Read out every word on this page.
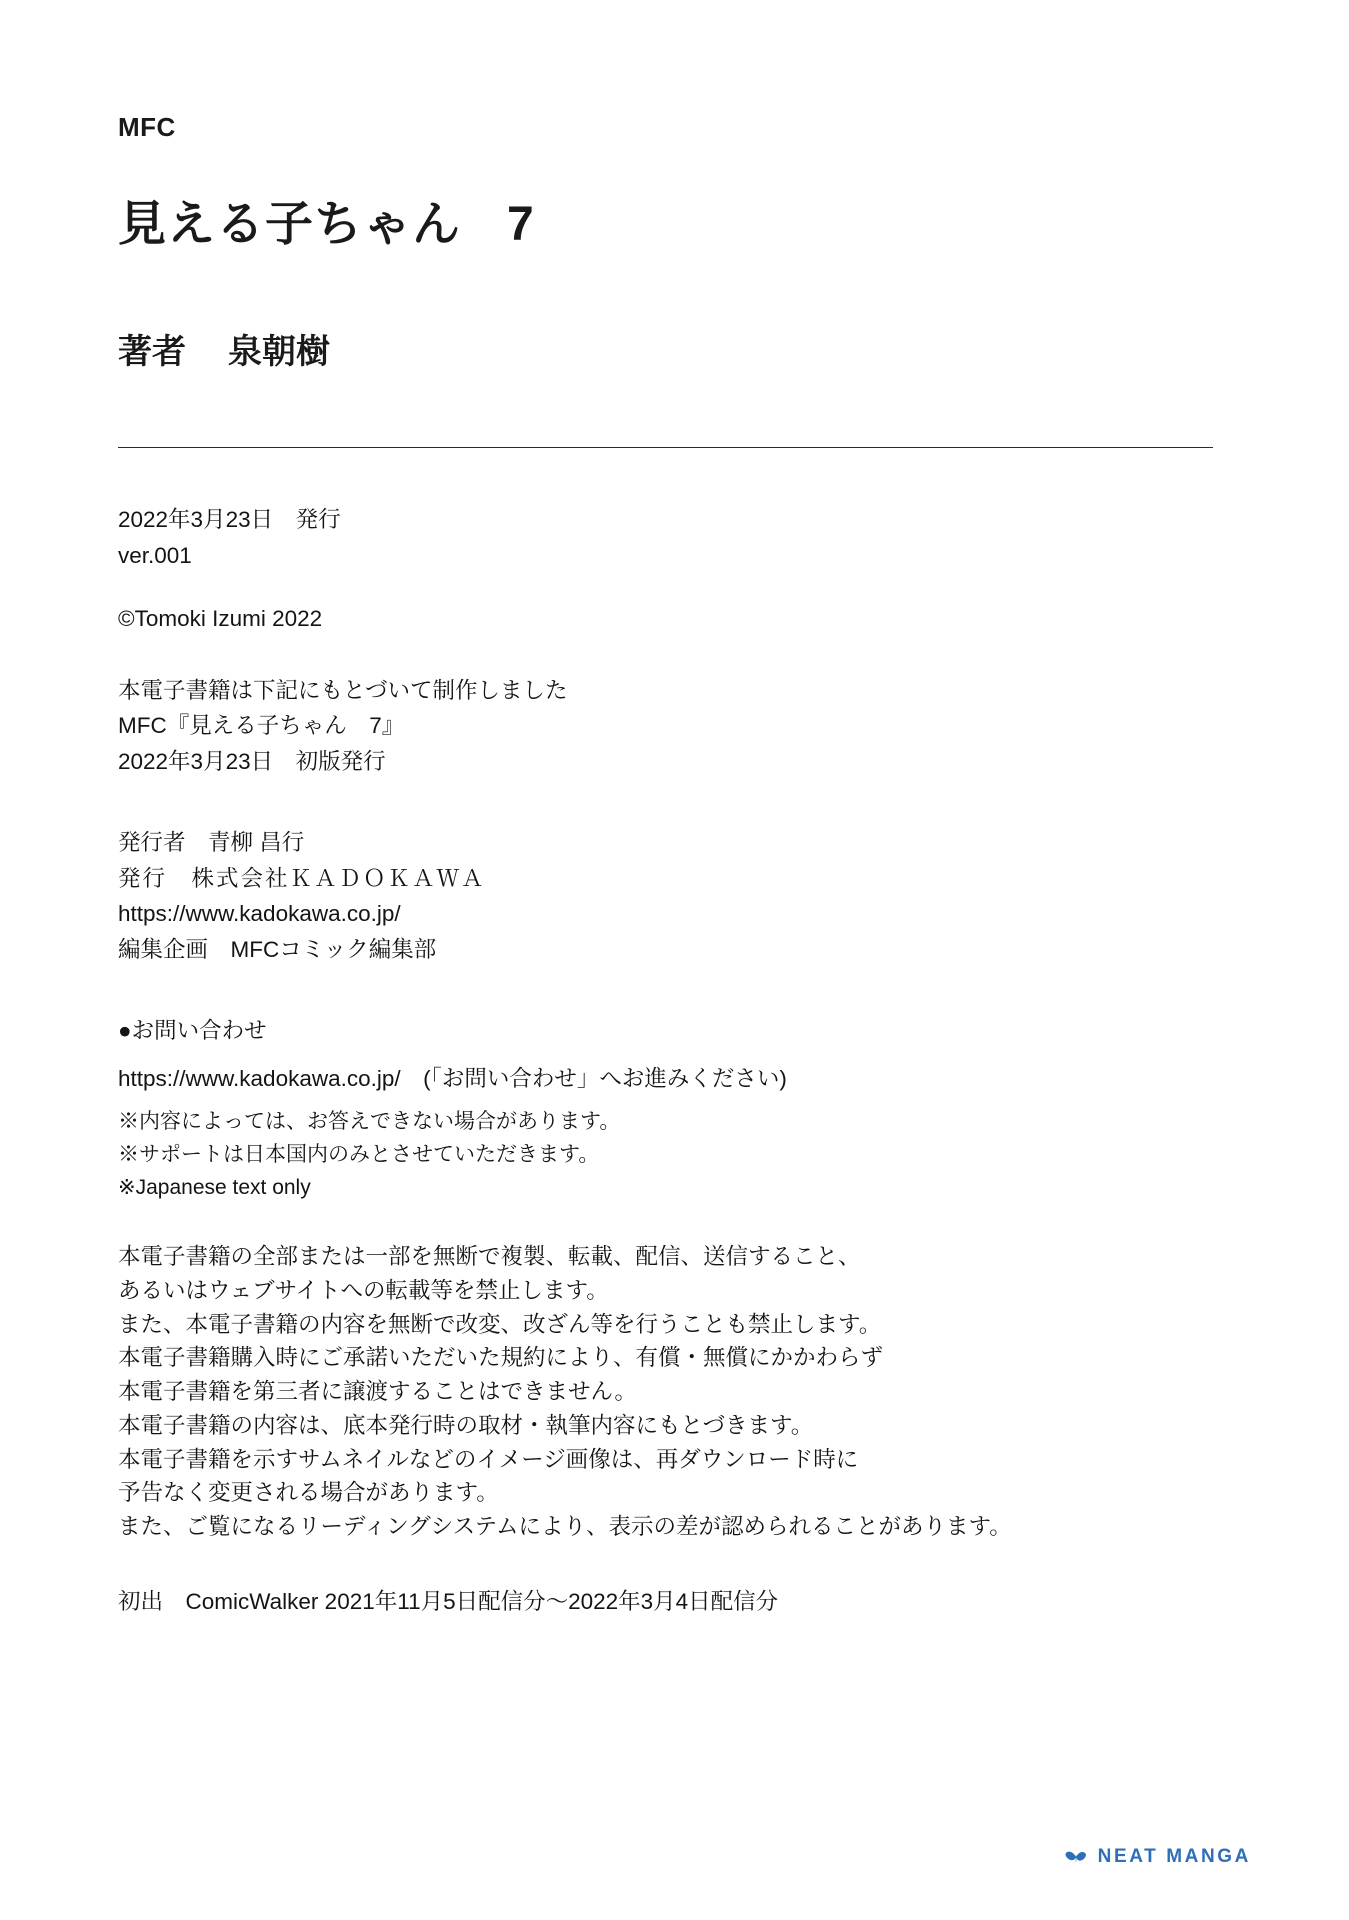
MFC
見える子ちゃん 7
著者 泉朝樹

2022年3月23日　発行

ver.001

©Tomoki Izumi 2022

本電子書籍は下記にもとづいて制作しました

MFC『見える子ちゃん　7』

2022年3月23日　初版発行

発行者　青柳 昌行

発行　株式会社ＫＡＤＯＫＡＷＡ

https://www.kadokawa.co.jp/

編集企画　MFCコミック編集部

●お問い合わせ

https://www.kadokawa.co.jp/　(「お問い合わせ」へお進みください)

※内容によっては、お答えできない場合があります。

※サポートは日本国内のみとさせていただきます。

※Japanese text only

本電子書籍の全部または一部を無断で複製、転載、配信、送信すること、

あるいはウェブサイトへの転載等を禁止します。

また、本電子書籍の内容を無断で改変、改ざん等を行うことも禁止します。

本電子書籍購入時にご承諾いただいた規約により、有償・無償にかかわらず

本電子書籍を第三者に譲渡することはできません。

本電子書籍の内容は、底本発行時の取材・執筆内容にもとづきます。

本電子書籍を示すサムネイルなどのイメージ画像は、再ダウンロード時に

予告なく変更される場合があります。

また、ご覧になるリーディングシステムにより、表示の差が認められることがあります。

初出　ComicWalker 2021年11月5日配信分〜2022年3月4日配信分

NEAT MANGA
